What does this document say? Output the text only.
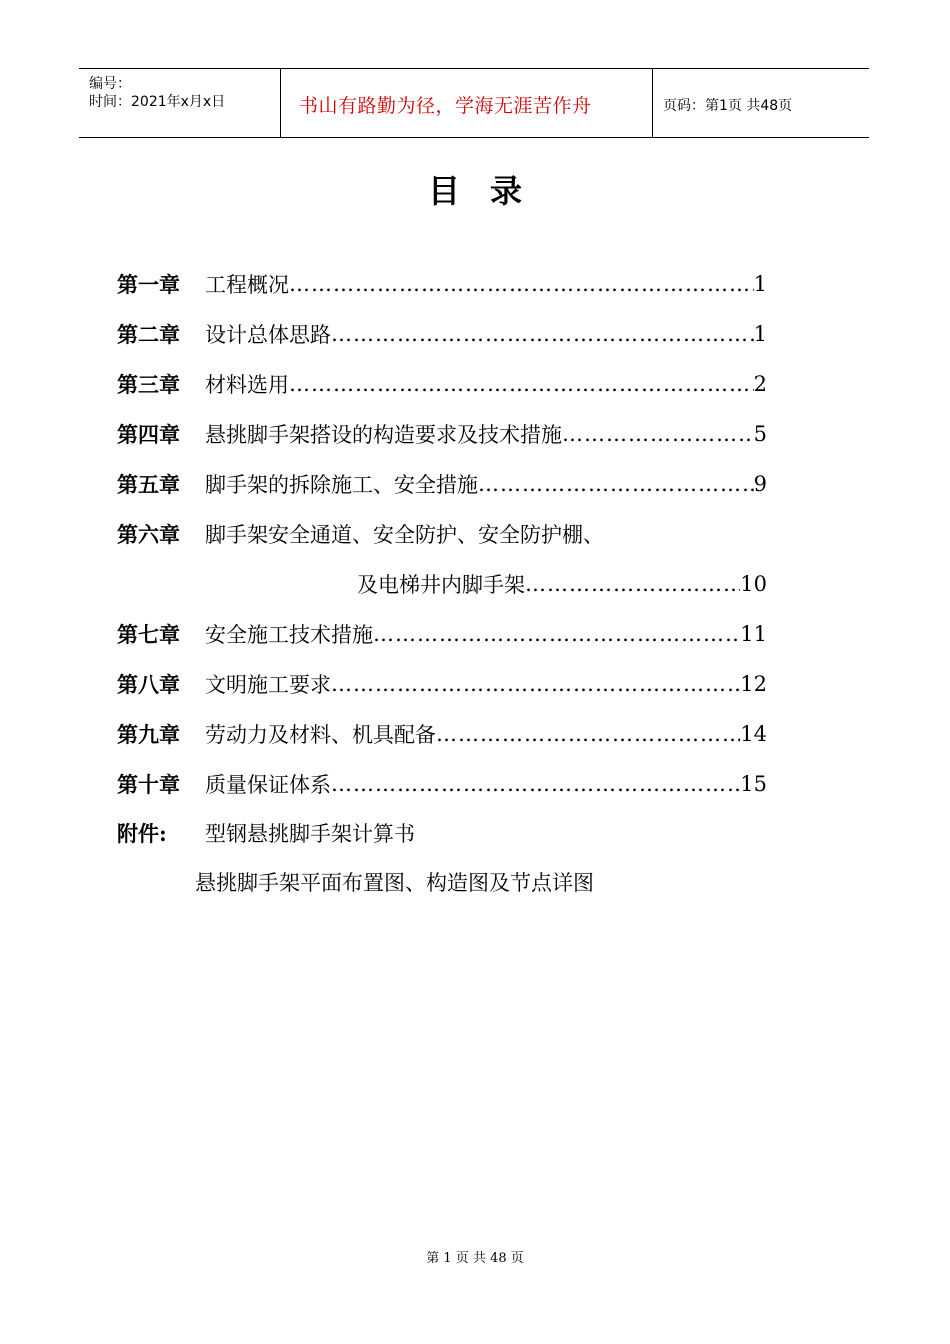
编号：
时间：2021年x月x日	书山有路勤为径，学海无涯苦作舟	页码：第1页 共48页
目录
第一章	工程概况 …………………………………………………………………………………………	1
第二章	设计总体思路 …………………………………………………………………………………………	1
第三章	材料选用 …………………………………………………………………………………………	2
第四章	悬挑脚手架搭设的构造要求及技术措施 …………………………………………………………………………………………	5
第五章	脚手架的拆除施工、安全措施 …………………………………………………………………………………………	9
第六章	脚手架安全通道、安全防护、安全防护棚、
及电梯井内脚手架 …………………………………………………………………………………………	10
第七章	安全施工技术措施 …………………………………………………………………………………………	11
第八章	文明施工要求 …………………………………………………………………………………………	12
第九章	劳动力及材料、机具配备 …………………………………………………………………………………………	14
第十章	质量保证体系 …………………………………………………………………………………………	15
附件: 型钢悬挑脚手架计算书
悬挑脚手架平面布置图、构造图及节点详图
第 1 页 共 48 页
